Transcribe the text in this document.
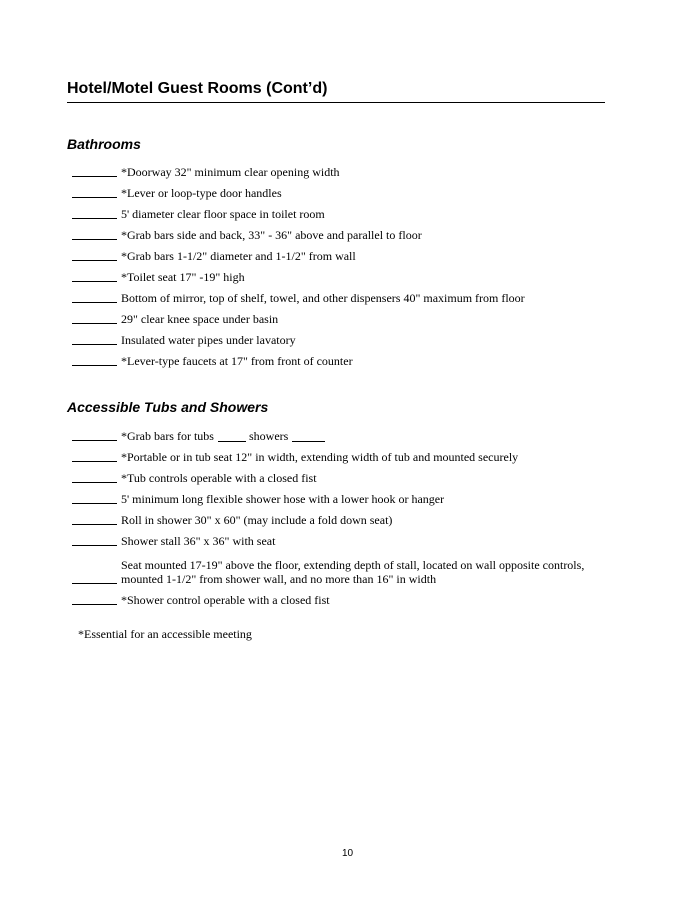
Hotel/Motel Guest Rooms (Cont’d)
Bathrooms
*Doorway 32" minimum clear opening width
*Lever or loop-type door handles
5' diameter clear floor space in toilet room
*Grab bars side and back, 33" - 36" above and parallel to floor
*Grab bars 1-1/2" diameter and 1-1/2" from wall
*Toilet seat 17" -19" high
Bottom of mirror, top of shelf, towel, and other dispensers 40" maximum from floor
29" clear knee space under basin
Insulated water pipes under lavatory
*Lever-type faucets at 17" from front of counter
Accessible Tubs and Showers
*Grab bars for tubs	showers
*Portable or in tub seat 12" in width, extending width of tub and mounted securely
*Tub controls operable with a closed fist
5' minimum long flexible shower hose with a lower hook or hanger
Roll in shower 30" x 60" (may include a fold down seat)
Shower stall 36" x 36" with seat
Seat mounted 17-19" above the floor, extending depth of stall, located on wall opposite controls, mounted 1-1/2" from shower wall, and no more than 16" in width
*Shower control operable with a closed fist

*Essential for an accessible meeting

10
